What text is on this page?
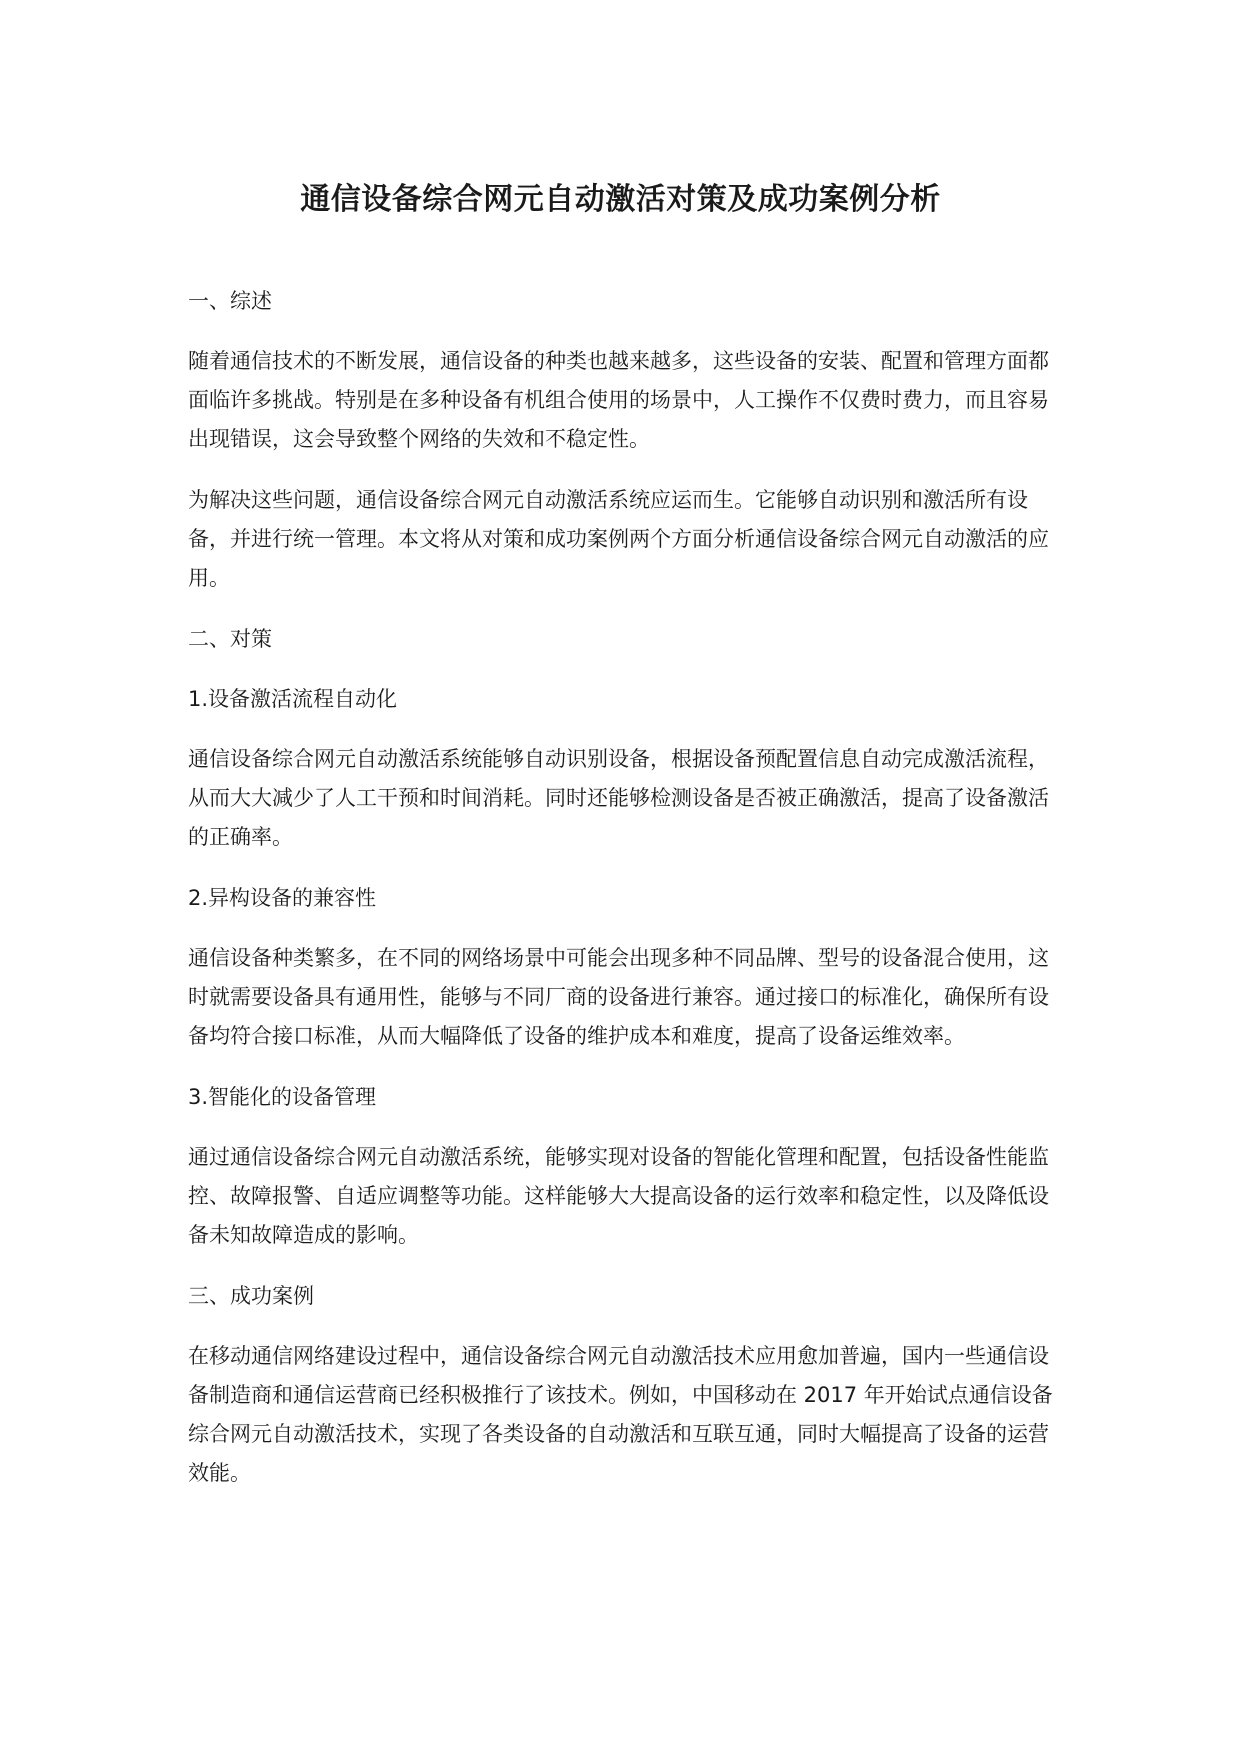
通信设备综合网元自动激活对策及成功案例分析
一、综述

随着通信技术的不断发展，通信设备的种类也越来越多，这些设备的安装、配置和管理方面都面临许多挑战。特别是在多种设备有机组合使用的场景中，人工操作不仅费时费力，而且容易出现错误，这会导致整个网络的失效和不稳定性。

为解决这些问题，通信设备综合网元自动激活系统应运而生。它能够自动识别和激活所有设备，并进行统一管理。本文将从对策和成功案例两个方面分析通信设备综合网元自动激活的应用。

二、对策
1.设备激活流程自动化

通信设备综合网元自动激活系统能够自动识别设备，根据设备预配置信息自动完成激活流程，从而大大减少了人工干预和时间消耗。同时还能够检测设备是否被正确激活，提高了设备激活的正确率。

2.异构设备的兼容性

通信设备种类繁多，在不同的网络场景中可能会出现多种不同品牌、型号的设备混合使用，这时就需要设备具有通用性，能够与不同厂商的设备进行兼容。通过接口的标准化，确保所有设备均符合接口标准，从而大幅降低了设备的维护成本和难度，提高了设备运维效率。

3.智能化的设备管理

通过通信设备综合网元自动激活系统，能够实现对设备的智能化管理和配置，包括设备性能监控、故障报警、自适应调整等功能。这样能够大大提高设备的运行效率和稳定性，以及降低设备未知故障造成的影响。

三、成功案例

在移动通信网络建设过程中，通信设备综合网元自动激活技术应用愈加普遍，国内一些通信设备制造商和通信运营商已经积极推行了该技术。例如，中国移动在 2017 年开始试点通信设备综合网元自动激活技术，实现了各类设备的自动激活和互联互通，同时大幅提高了设备的运营效能。
